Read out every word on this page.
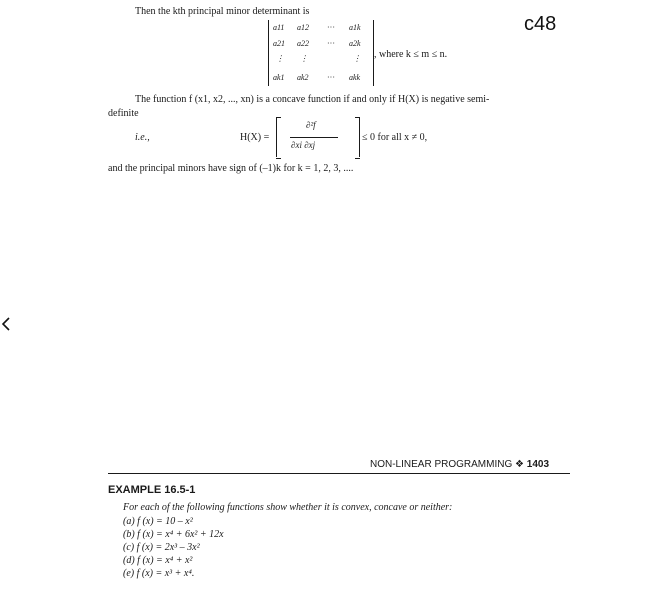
Then the kth principal minor determinant is
c48
a11 a12 ··· a1k
a21 a22 ··· a2k
⋮ ⋮	⋮
ak1 ak2 ··· akk
, where k ≤ m ≤ n.
The function f (x1, x2, ..., xn) is a concave function if and only if H(X) is negative semi-
definite
i.e.,	H(X) =
∂²f
∂xi ∂xj
≤ 0 for all x ≠ 0,
and the principal minors have sign of (–1)k for k = 1, 2, 3, ....
NON-LINEAR PROGRAMMING ❖ 1403
EXAMPLE 16.5-1
For each of the following functions show whether it is convex, concave or neither:
(a) f (x) = 10 – x²
(b) f (x) = x⁴ + 6x² + 12x
(c) f (x) = 2x³ – 3x²
(d) f (x) = x⁴ + x²
(e) f (x) = x³ + x⁴.
